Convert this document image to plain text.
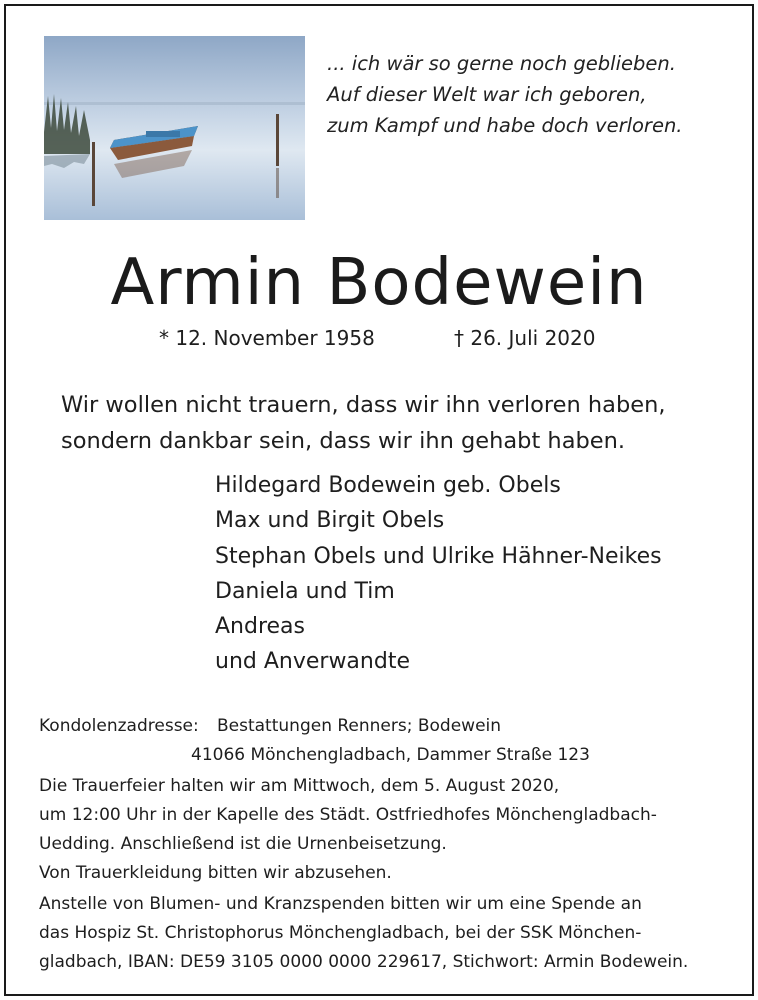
... ich wär so gerne noch geblieben.
Auf dieser Welt war ich geboren,
zum Kampf und habe doch verloren.
Armin Bodewein
* 12. November 1958	† 26. Juli 2020
Wir wollen nicht trauern, dass wir ihn verloren haben,
sondern dankbar sein, dass wir ihn gehabt haben.
Hildegard Bodewein geb. Obels
Max und Birgit Obels
Stephan Obels und Ulrike Hähner-Neikes
Daniela und Tim
Andreas
und Anverwandte
Kondolenzadresse: Bestattungen Renners; Bodewein
41066 Mönchengladbach, Dammer Straße 123
Die Trauerfeier halten wir am Mittwoch, dem 5. August 2020,
um 12:00 Uhr in der Kapelle des Städt. Ostfriedhofes Mönchengladbach-
Uedding. Anschließend ist die Urnenbeisetzung.
Von Trauerkleidung bitten wir abzusehen.
Anstelle von Blumen- und Kranzspenden bitten wir um eine Spende an
das Hospiz St. Christophorus Mönchengladbach, bei der SSK Mönchen-
gladbach, IBAN: DE59 3105 0000 0000 229617, Stichwort: Armin Bodewein.
